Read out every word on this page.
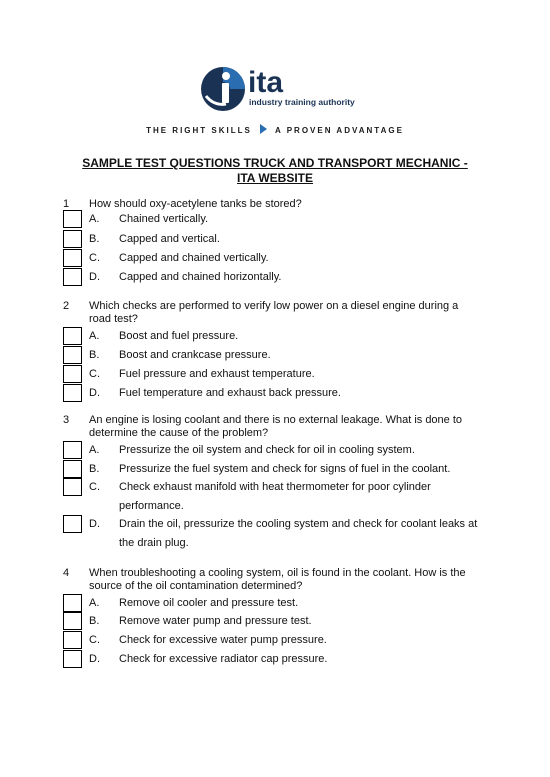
ita
industry training authority
THE RIGHT SKILLS	A PROVEN ADVANTAGE
SAMPLE TEST QUESTIONS TRUCK AND TRANSPORT MECHANIC -
ITA WEBSITE
1 How should oxy-acetylene tanks be stored?
A. Chained vertically.
B. Capped and vertical.
C. Capped and chained vertically.
D. Capped and chained horizontally.
2 Which checks are performed to verify low power on a diesel engine during a road test?
A. Boost and fuel pressure.
B. Boost and crankcase pressure.
C. Fuel pressure and exhaust temperature.
D. Fuel temperature and exhaust back pressure.
3 An engine is losing coolant and there is no external leakage. What is done to determine the cause of the problem?
A. Pressurize the oil system and check for oil in cooling system.
B. Pressurize the fuel system and check for signs of fuel in the coolant.
C. Check exhaust manifold with heat thermometer for poor cylinder performance.
D. Drain the oil, pressurize the cooling system and check for coolant leaks at the drain plug.
4 When troubleshooting a cooling system, oil is found in the coolant. How is the source of the oil contamination determined?
A. Remove oil cooler and pressure test.
B. Remove water pump and pressure test.
C. Check for excessive water pump pressure.
D. Check for excessive radiator cap pressure.
